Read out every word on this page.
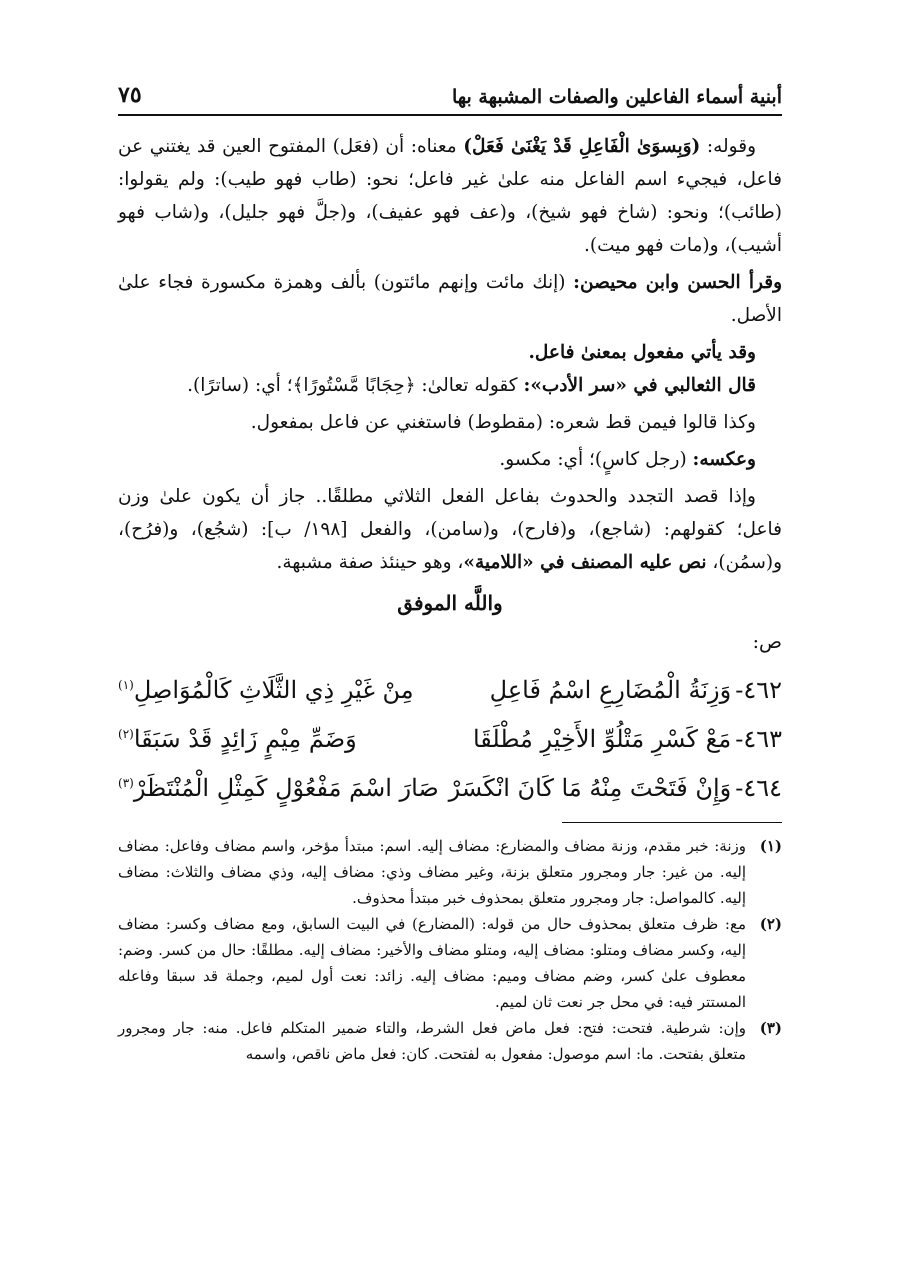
أبنية أسماء الفاعلين والصفات المشبهة بها
٧٥

وقوله: (وَبِسوَىٰ الْفَاعِلِ قَدْ يَغْنَىٰ فَعَلْ) معناه: أن (فعَل) المفتوح العين قد يغتني عن فاعل، فيجيء اسم الفاعل منه علىٰ غير فاعل؛ نحو: (طاب فهو طيب): ولم يقولوا: (طائب)؛ ونحو: (شاخ فهو شيخ)، و(عف فهو عفيف)، و(جلَّ فهو جليل)، و(شاب فهو أشيب)، و(مات فهو ميت).

وقرأ الحسن وابن محيصن: (إنك مائت وإنهم مائتون) بألف وهمزة مكسورة فجاء علىٰ الأصل.

وقد يأتي مفعول بمعنىٰ فاعل.

قال الثعالبي في «سر الأدب»: كقوله تعالىٰ: ﴿حِجَابًا مَّسْتُورًا﴾؛ أي: (ساترًا).

وكذا قالوا فيمن قط شعره: (مقطوط) فاستغني عن فاعل بمفعول.

وعكسه: (رجل كاسٍ)؛ أي: مكسو.

وإذا قصد التجدد والحدوث بفاعل الفعل الثلاثي مطلقًا.. جاز أن يكون علىٰ وزن فاعل؛ كقولهم: (شاجع)، و(فارح)، و(سامن)، والفعل [١٩٨/ ب]: (شجُع)، و(فرُح)، و(سمُن)، نص عليه المصنف في «اللامية»، وهو حينئذ صفة مشبهة.

واللَّه الموفق
ص:
٤٦٢-وَزِنَةُ الْمُضَارِعِ اسْمُ فَاعِلِ
مِنْ غَيْرِ ذِي الثَّلَاثِ كَالْمُوَاصِلِ$^{(١)}$
٤٦٣-مَعْ كَسْرِ مَتْلُوِّ الأَخِيْرِ مُطْلَقَا
وَضَمِّ مِيْمٍ زَائِدٍ قَدْ سَبَقَا$^{(٢)}$
٤٦٤-وَإِنْ فَتَحْتَ مِنْهُ مَا كَانَ انْكَسَرْ
صَارَ اسْمَ مَفْعُوْلٍ كَمِثْلِ الْمُنْتَظَرْ$^{(٣)}$
(١)
وزنة: خبر مقدم، وزنة مضاف والمضارع: مضاف إليه. اسم: مبتدأ مؤخر، واسم مضاف وفاعل: مضاف إليه. من غير: جار ومجرور متعلق بزنة، وغير مضاف وذي: مضاف إليه، وذي مضاف والثلاث: مضاف إليه. كالمواصل: جار ومجرور متعلق بمحذوف خبر مبتدأ محذوف.
(٢)
مع: ظرف متعلق بمحذوف حال من قوله: (المضارع) في البيت السابق، ومع مضاف وكسر: مضاف إليه، وكسر مضاف ومتلو: مضاف إليه، ومتلو مضاف والأخير: مضاف إليه. مطلقًا: حال من كسر. وضم: معطوف علىٰ كسر، وضم مضاف وميم: مضاف إليه. زائد: نعت أول لميم، وجملة قد سبقا وفاعله المستتر فيه: في محل جر نعت ثان لميم.
(٣)
وإن: شرطية. فتحت: فتح: فعل ماض فعل الشرط، والتاء ضمير المتكلم فاعل. منه: جار ومجرور متعلق بفتحت. ما: اسم موصول: مفعول به لفتحت. كان: فعل ماض ناقص، واسمه
